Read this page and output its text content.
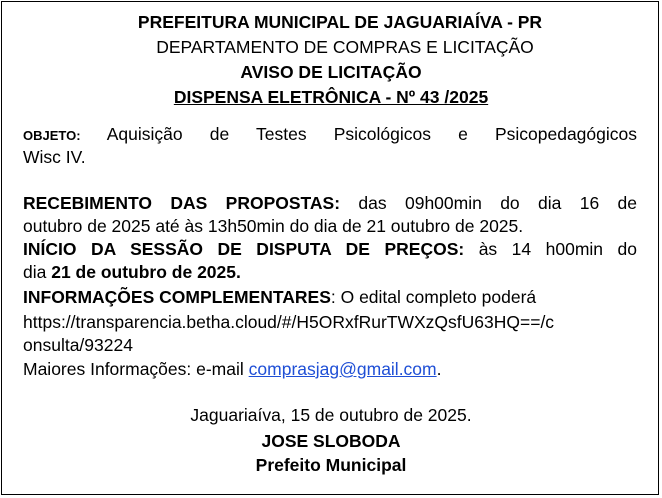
PREFEITURA MUNICIPAL DE JAGUARIAÍVA - PR
DEPARTAMENTO DE COMPRAS E LICITAÇÃO
AVISO DE LICITAÇÃO
DISPENSA ELETRÔNICA - Nº 43 /2025
OBJETO: Aquisição de Testes Psicológicos e Psicopedagógicos
Wisc IV.
RECEBIMENTO DAS PROPOSTAS: das 09h00min do dia 16 de
outubro de 2025 até às 13h50min do dia de 21 outubro de 2025.
INÍCIO DA SESSÃO DE DISPUTA DE PREÇOS: às 14 h00min do
dia 21 de outubro de 2025.
INFORMAÇÕES COMPLEMENTARES: O edital completo poderá
https://transparencia.betha.cloud/#/H5ORxfRurTWXzQsfU63HQ==/c
onsulta/93224
Maiores Informações: e-mail comprasjag@gmail.com.
Jaguariaíva, 15 de outubro de 2025.
JOSE SLOBODA
Prefeito Municipal
